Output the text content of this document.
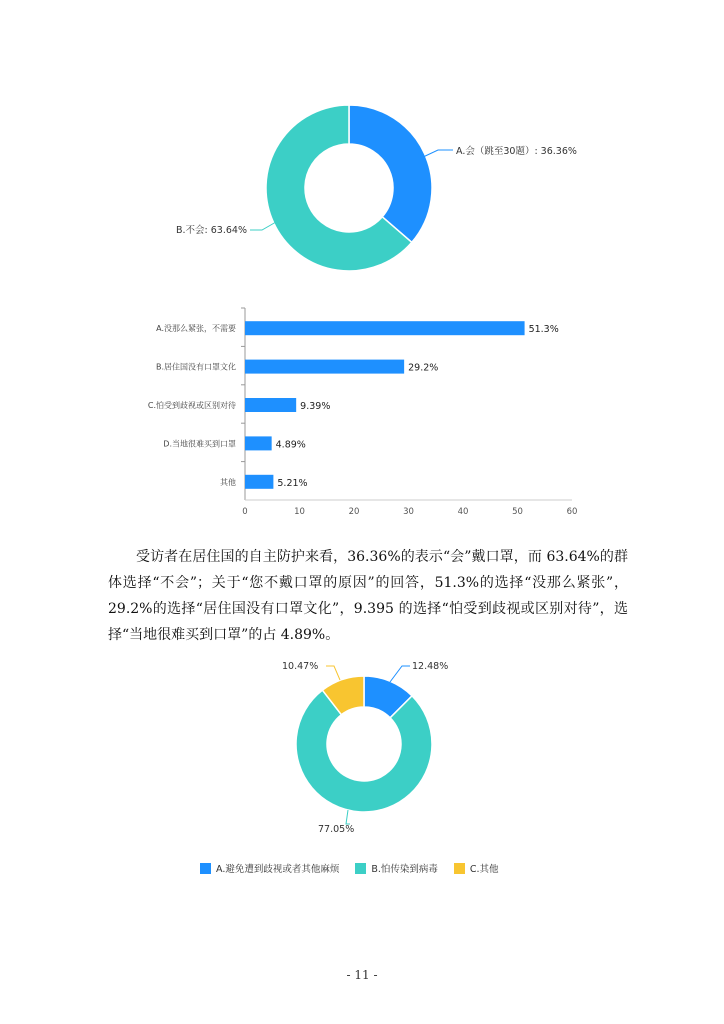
A.会（跳至30题）: 36.36%
B.不会: 63.64%
0	10	20	30	40	50	60
A.没那么紧张，不需要
B.居住国没有口罩文化
C.怕受到歧视或区别对待
D.当地很难买到口罩
其他
51.3%
29.2%
9.39%
4.89%
5.21%

受访者在居住国的自主防护来看，36.36%的表示“会”戴口罩，而 63.64%的群体选择“不会”；关于“您不戴口罩的原因”的回答，51.3%的选择“没那么紧张”，29.2%的选择“居住国没有口罩文化”，9.395 的选择“怕受到歧视或区别对待”，选择“当地很难买到口罩”的占 4.89%。

12.48%
77.05%
10.47%
A.避免遭到歧视或者其他麻烦	B.怕传染到病毒	C.其他
- 11 -
